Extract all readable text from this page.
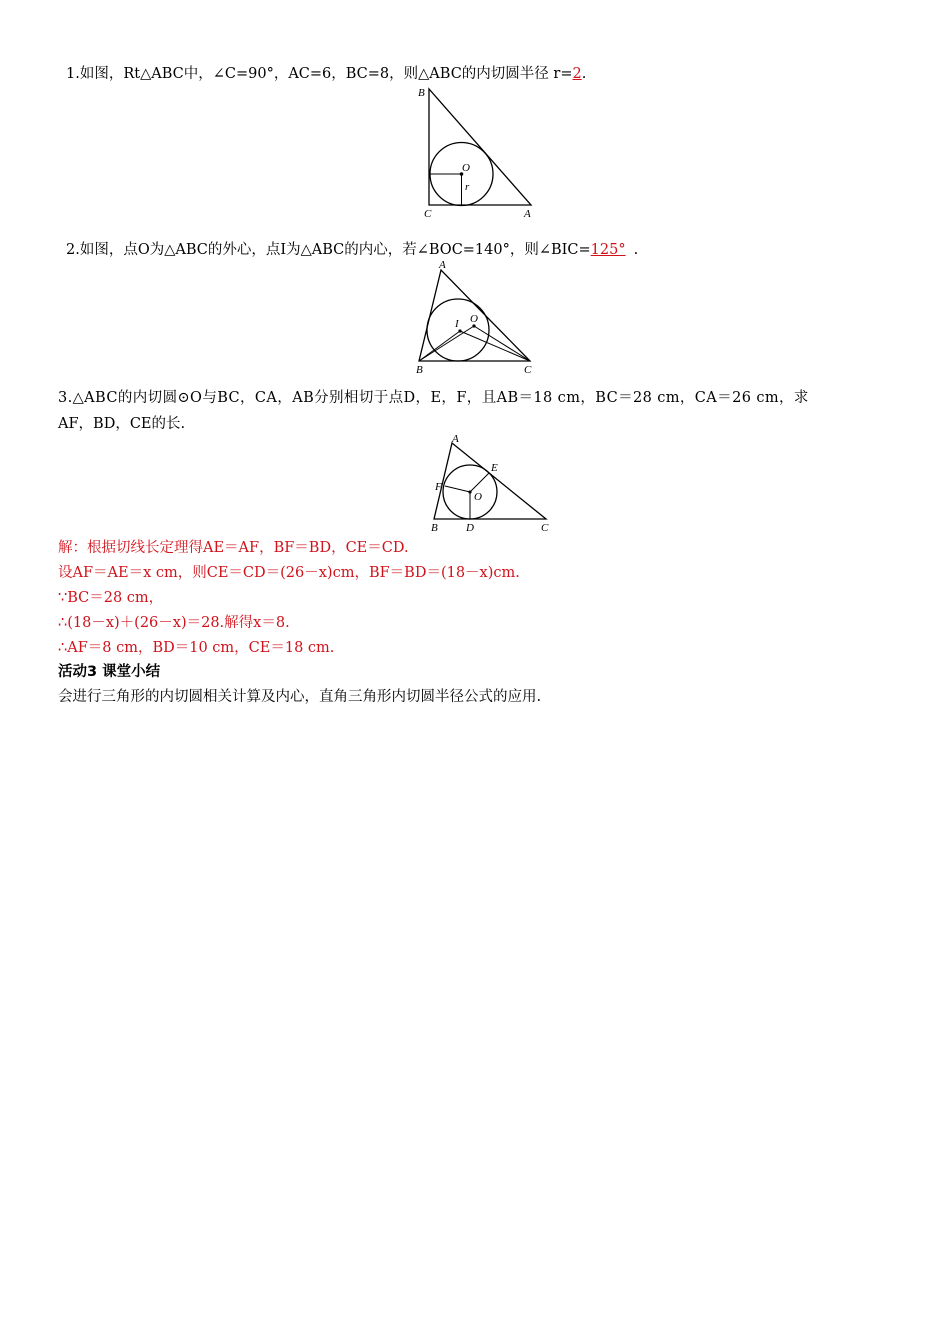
1.如图，Rt△ABC中，∠C=90°，AC=6，BC=8，则△ABC的内切圆半径 r=2.
B
C	A
O
r
2.如图，点O为△ABC的外心，点I为△ABC的内心，若∠BOC=140°，则∠BIC=125° .
A
B	C
I O
3.△ABC的内切圆⊙O与BC，CA，AB分别相切于点D，E，F，且AB＝18 cm，BC＝28 cm，CA＝26 cm，求
AF，BD，CE的长.
A
B	C
D
E
F
O
解：根据切线长定理得AE＝AF，BF＝BD，CE＝CD.
设AF＝AE＝x cm，则CE＝CD＝(26－x)cm，BF＝BD＝(18－x)cm.
∵BC＝28 cm，
∴(18－x)＋(26－x)＝28.解得x＝8.
∴AF＝8 cm，BD＝10 cm，CE＝18 cm.
活动3 课堂小结
会进行三角形的内切圆相关计算及内心，直角三角形内切圆半径公式的应用.
